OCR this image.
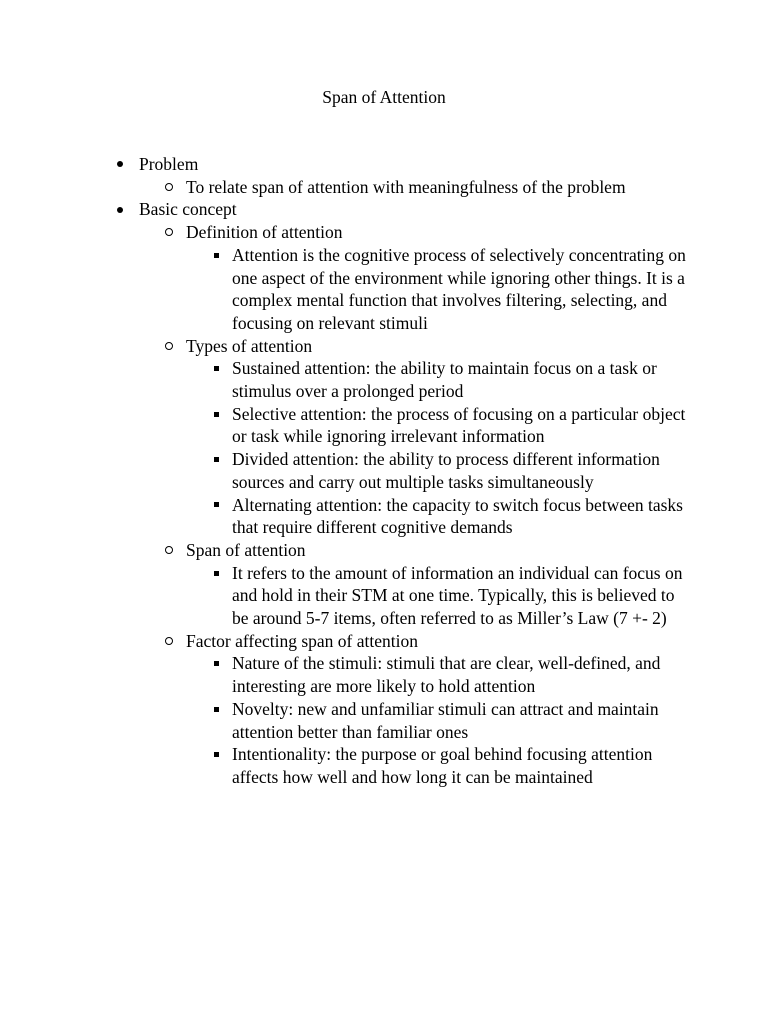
Span of Attention
Problem
To relate span of attention with meaningfulness of the problem
Basic concept
Definition of attention
Attention is the cognitive process of selectively concentrating on one aspect of the environment while ignoring other things. It is a complex mental function that involves filtering, selecting, and focusing on relevant stimuli
Types of attention
Sustained attention: the ability to maintain focus on a task or stimulus over a prolonged period
Selective attention: the process of focusing on a particular object or task while ignoring irrelevant information
Divided attention: the ability to process different information sources and carry out multiple tasks simultaneously
Alternating attention: the capacity to switch focus between tasks that require different cognitive demands
Span of attention
It refers to the amount of information an individual can focus on and hold in their STM at one time. Typically, this is believed to be around 5-7 items, often referred to as Miller’s Law (7 +- 2)
Factor affecting span of attention
Nature of the stimuli: stimuli that are clear, well-defined, and interesting are more likely to hold attention
Novelty: new and unfamiliar stimuli can attract and maintain attention better than familiar ones
Intentionality: the purpose or goal behind focusing attention affects how well and how long it can be maintained
